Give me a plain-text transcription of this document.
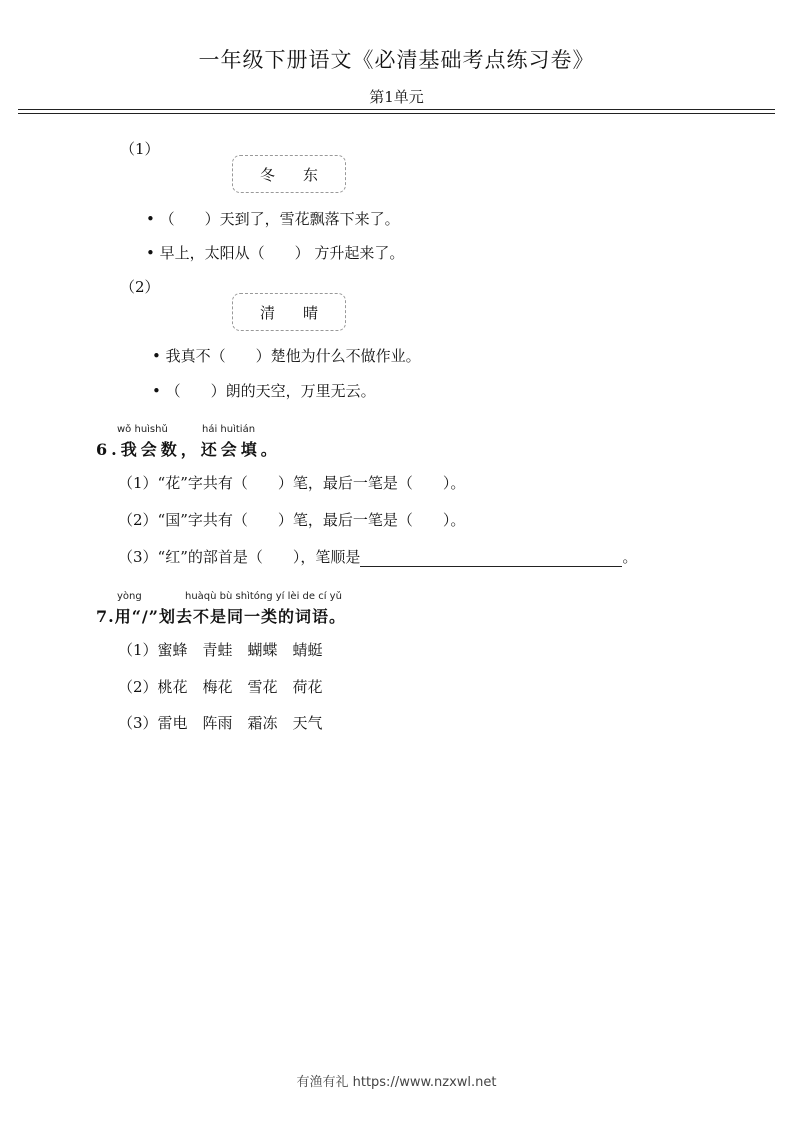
一年级下册语文《必清基础考点练习卷》
第1单元
（1）
冬 东
• （　　）天到了，雪花飘落下来了。
• 早上，太阳从（　　） 方升起来了。
（2）
清 晴
• 我真不（　　）楚他为什么不做作业。
• （　　）朗的天空，万里无云。
wǒ huìshǔ	hái huìtián
6.我会数，还会填。
（1）“花”字共有（　　）笔，最后一笔是（　　）。
（2）“国”字共有（　　）笔，最后一笔是（　　）。
（3）“红”的部首是（　　），笔顺是	。
yòng	huàqù bù shìtóng yí lèi de cí yǔ
7.用“/”划去不是同一类的词语。
（1）蜜蜂　青蛙　蝴蝶　蜻蜓
（2）桃花　梅花　雪花　荷花
（3）雷电　阵雨　霜冻　天气
有渔有礼 https://www.nzxwl.net
